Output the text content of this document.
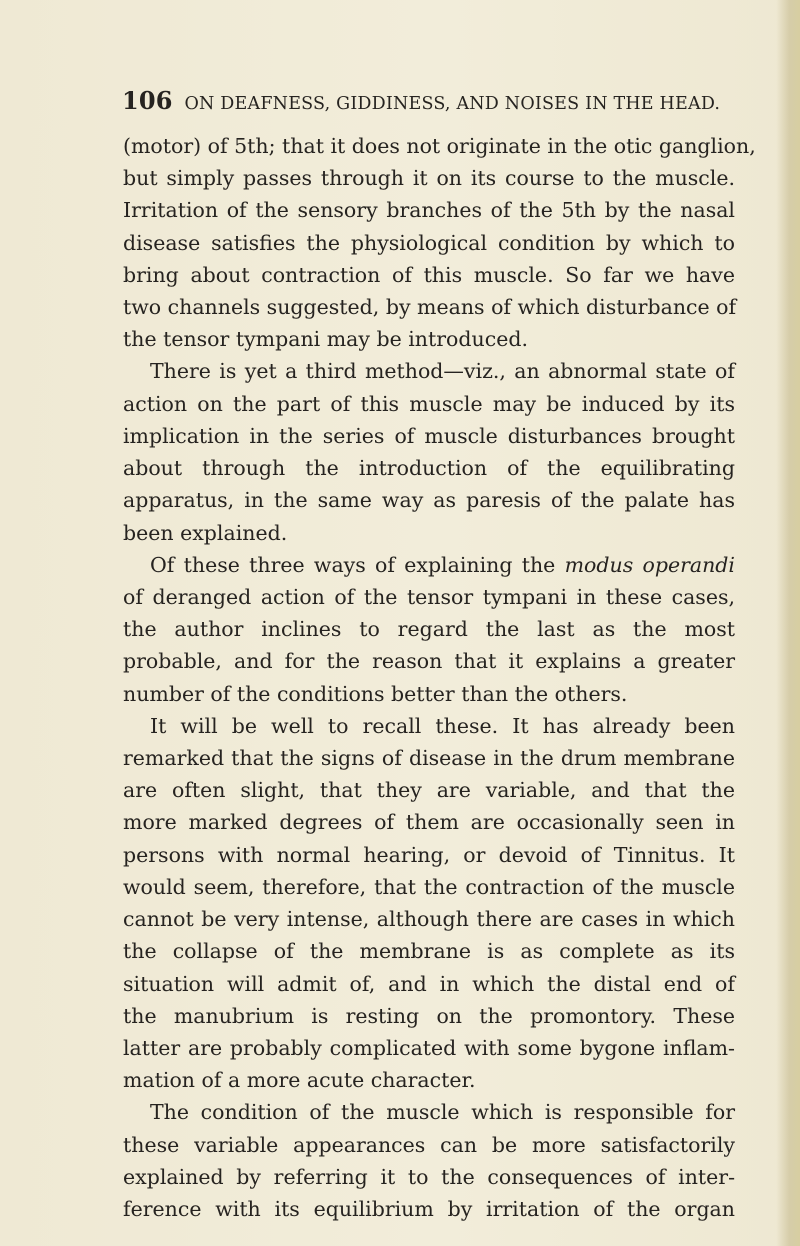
106 ON DEAFNESS, GIDDINESS, AND NOISES IN THE HEAD.
(motor) of 5th; that it does not originate in the otic ganglion,
but simply passes through it on its course to the muscle.
Irritation of the sensory branches of the 5th by the nasal
disease satisfies the physiological condition by which to
bring about contraction of this muscle. So far we have
two channels suggested, by means of which disturbance of
the tensor tympani may be introduced.
There is yet a third method—viz., an abnormal state of
action on the part of this muscle may be induced by its
implication in the series of muscle disturbances brought
about through the introduction of the equilibrating
apparatus, in the same way as paresis of the palate has
been explained.
Of these three ways of explaining the modus operandi
of deranged action of the tensor tympani in these cases,
the author inclines to regard the last as the most
probable, and for the reason that it explains a greater
number of the conditions better than the others.
It will be well to recall these. It has already been
remarked that the signs of disease in the drum membrane
are often slight, that they are variable, and that the
more marked degrees of them are occasionally seen in
persons with normal hearing, or devoid of Tinnitus. It
would seem, therefore, that the contraction of the muscle
cannot be very intense, although there are cases in which
the collapse of the membrane is as complete as its
situation will admit of, and in which the distal end of
the manubrium is resting on the promontory. These
latter are probably complicated with some bygone inflam-
mation of a more acute character.
The condition of the muscle which is responsible for
these variable appearances can be more satisfactorily
explained by referring it to the consequences of inter-
ference with its equilibrium by irritation of the organ
